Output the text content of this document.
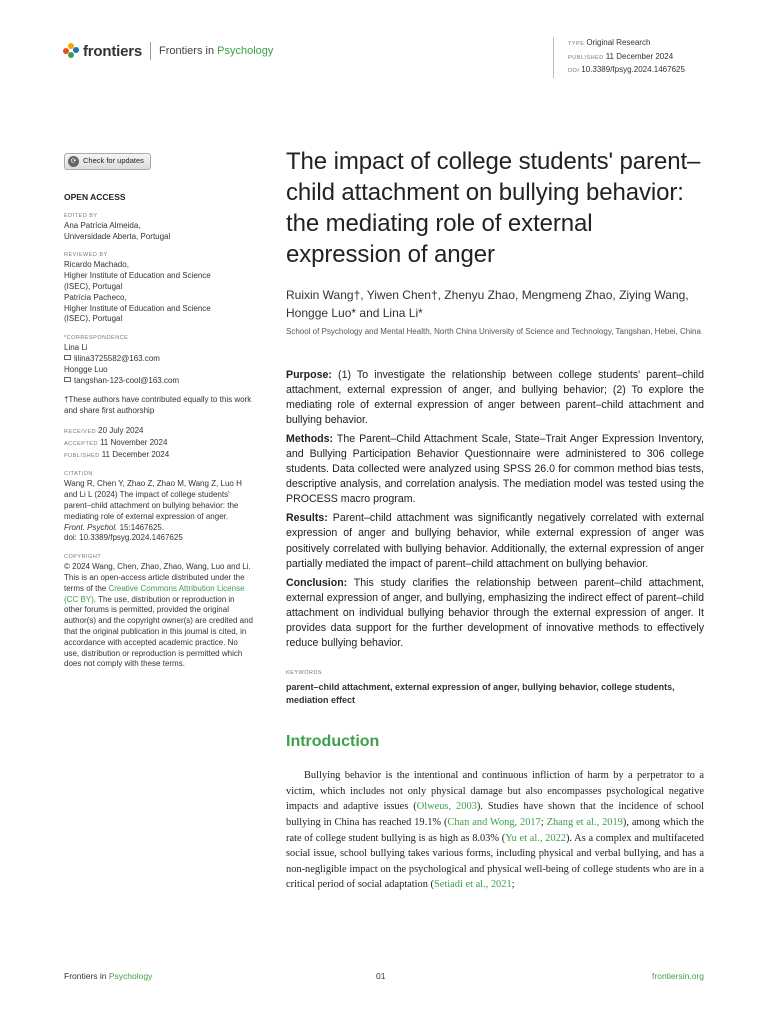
frontiers Frontiers in Psychology
TYPE Original Research
PUBLISHED 11 December 2024
DOI 10.3389/fpsyg.2024.1467625
⟳ Check for updates
OPEN ACCESS
EDITED BY
Ana Patrícia Almeida,
Universidade Aberta, Portugal
REVIEWED BY
Ricardo Machado,
Higher Institute of Education and Science
(ISEC), Portugal
Patrícia Pacheco,
Higher Institute of Education and Science
(ISEC), Portugal
*CORRESPONDENCE
Lina Li
lilina3725582@163.com
Hongge Luo
tangshan-123-cool@163.com
†These authors have contributed equally to this work and share first authorship
RECEIVED 20 July 2024
ACCEPTED 11 November 2024
PUBLISHED 11 December 2024
CITATION
Wang R, Chen Y, Zhao Z, Zhao M, Wang Z, Luo H and Li L (2024) The impact of college students' parent–child attachment on bullying behavior: the mediating role of external expression of anger.
Front. Psychol. 15:1467625.
doi: 10.3389/fpsyg.2024.1467625
COPYRIGHT
© 2024 Wang, Chen, Zhao, Zhao, Wang, Luo and Li. This is an open-access article distributed under the terms of the Creative Commons Attribution License (CC BY). The use, distribution or reproduction in other forums is permitted, provided the original author(s) and the copyright owner(s) are credited and that the original publication in this journal is cited, in accordance with accepted academic practice. No use, distribution or reproduction is permitted which does not comply with these terms.
The impact of college students' parent–child attachment on bullying behavior: the mediating role of external expression of anger
Ruixin Wang†, Yiwen Chen†, Zhenyu Zhao, Mengmeng Zhao, Ziying Wang, Hongge Luo* and Lina Li*
School of Psychology and Mental Health, North China University of Science and Technology, Tangshan, Hebei, China

Purpose: (1) To investigate the relationship between college students' parent–child attachment, external expression of anger, and bullying behavior; (2) To explore the mediating role of external expression of anger between parent–child attachment and bullying behavior.

Methods: The Parent–Child Attachment Scale, State–Trait Anger Expression Inventory, and Bullying Participation Behavior Questionnaire were administered to 306 college students. Data collected were analyzed using SPSS 26.0 for common method bias tests, descriptive analysis, and correlation analysis. The mediation model was tested using the PROCESS macro program.

Results: Parent–child attachment was significantly negatively correlated with external expression of anger and bullying behavior, while external expression of anger was positively correlated with bullying behavior. Additionally, the external expression of anger partially mediated the impact of parent–child attachment on bullying behavior.

Conclusion: This study clarifies the relationship between parent–child attachment, external expression of anger, and bullying, emphasizing the indirect effect of parent–child attachment on individual bullying behavior through the external expression of anger. It provides data support for the further development of innovative methods to effectively reduce bullying behavior.

KEYWORDS
parent–child attachment, external expression of anger, bullying behavior, college students, mediation effect
Introduction

Bullying behavior is the intentional and continuous infliction of harm by a perpetrator to a victim, which includes not only physical damage but also encompasses psychological negative impacts and adaptive issues (Olweus, 2003). Studies have shown that the incidence of school bullying in China has reached 19.1% (Chan and Wong, 2017; Zhang et al., 2019), among which the rate of college student bullying is as high as 8.03% (Yu et al., 2022). As a complex and multifaceted social issue, school bullying takes various forms, including physical and verbal bullying, and has a non-negligible impact on the psychological and physical well-being of college students who are in a critical period of social adaptation (Setiadi et al., 2021;

Frontiers in Psychology	01	frontiersin.org
